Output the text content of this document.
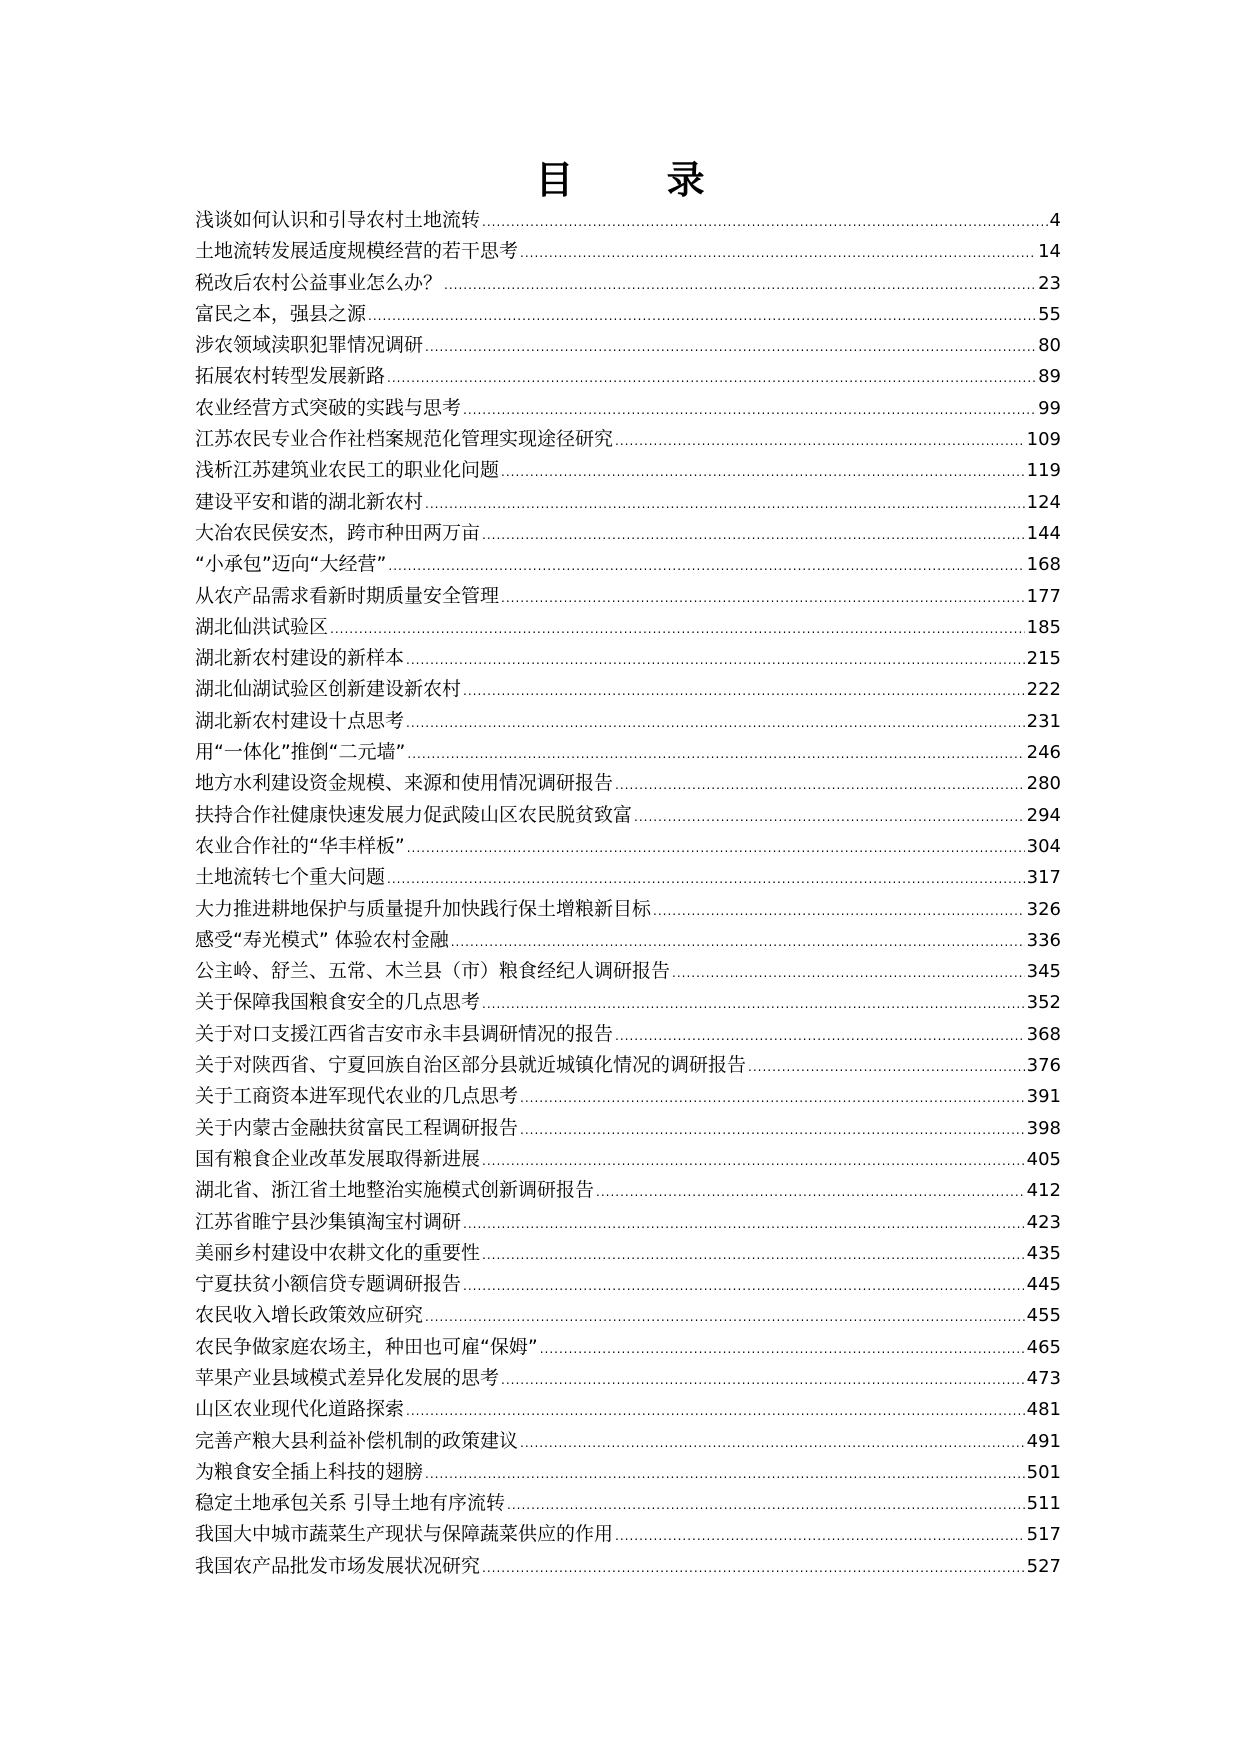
目 录
浅谈如何认识和引导农村土地流转 .....	4
土地流转发展适度规模经营的若干思考 .....	14
税改后农村公益事业怎么办？ .....	23
富民之本，强县之源 .....	55
涉农领域渎职犯罪情况调研 .....	80
拓展农村转型发展新路 .....	89
农业经营方式突破的实践与思考 .....	99
江苏农民专业合作社档案规范化管理实现途径研究 .....	109
浅析江苏建筑业农民工的职业化问题 .....	119
建设平安和谐的湖北新农村 .....	124
大冶农民侯安杰，跨市种田两万亩 .....	144
“小承包”迈向“大经营” .....	168
从农产品需求看新时期质量安全管理 .....	177
湖北仙洪试验区 .....	185
湖北新农村建设的新样本 .....	215
湖北仙湖试验区创新建设新农村 .....	222
湖北新农村建设十点思考 .....	231
用“一体化”推倒“二元墙” .....	246
地方水利建设资金规模、来源和使用情况调研报告 .....	280
扶持合作社健康快速发展力促武陵山区农民脱贫致富 .....	294
农业合作社的“华丰样板” .....	304
土地流转七个重大问题 .....	317
大力推进耕地保护与质量提升加快践行保土增粮新目标 .....	326
感受“寿光模式” 体验农村金融 .....	336
公主岭、舒兰、五常、木兰县（市）粮食经纪人调研报告 .....	345
关于保障我国粮食安全的几点思考 .....	352
关于对口支援江西省吉安市永丰县调研情况的报告 .....	368
关于对陕西省、宁夏回族自治区部分县就近城镇化情况的调研报告 .....	376
关于工商资本进军现代农业的几点思考 .....	391
关于内蒙古金融扶贫富民工程调研报告 .....	398
国有粮食企业改革发展取得新进展 .....	405
湖北省、浙江省土地整治实施模式创新调研报告 .....	412
江苏省睢宁县沙集镇淘宝村调研 .....	423
美丽乡村建设中农耕文化的重要性 .....	435
宁夏扶贫小额信贷专题调研报告 .....	445
农民收入增长政策效应研究 .....	455
农民争做家庭农场主，种田也可雇“保姆” .....	465
苹果产业县域模式差异化发展的思考 .....	473
山区农业现代化道路探索 .....	481
完善产粮大县利益补偿机制的政策建议 .....	491
为粮食安全插上科技的翅膀 .....	501
稳定土地承包关系 引导土地有序流转 .....	511
我国大中城市蔬菜生产现状与保障蔬菜供应的作用 .....	517
我国农产品批发市场发展状况研究 .....	527
